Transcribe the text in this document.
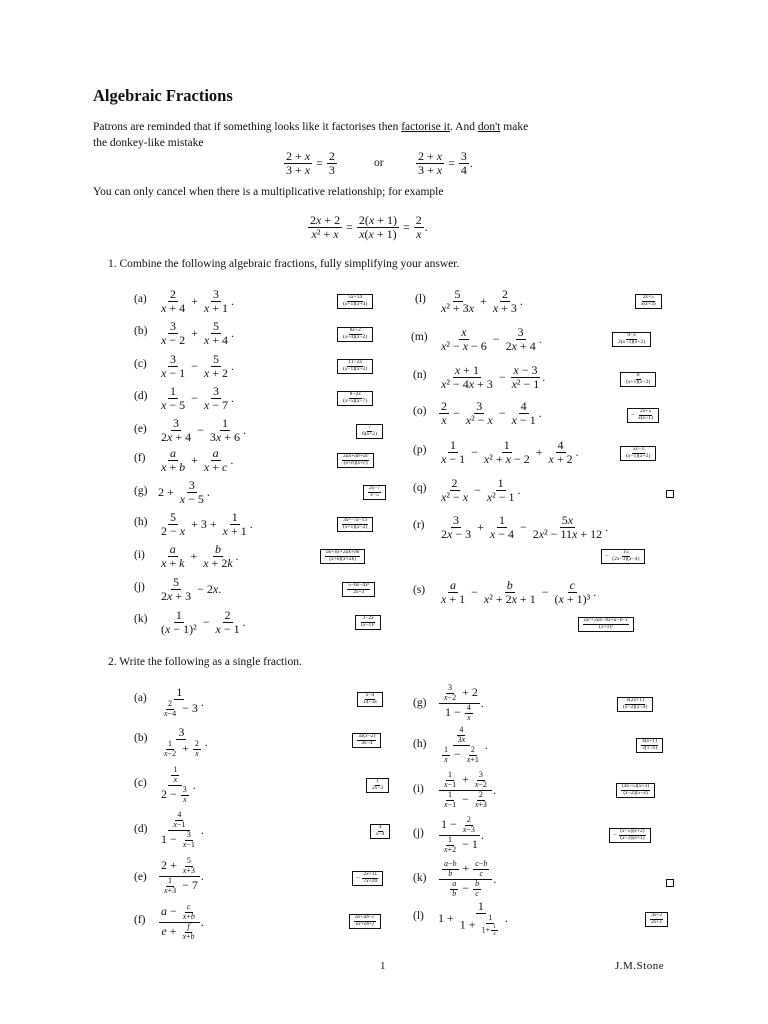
Algebraic Fractions
Patrons are reminded that if something looks like it factorises then factorise it. And don't make
the donkey-like mistake
2 + x
3 + x =
2
3	or
2 + x
3 + x =
3
4 .
You can only cancel when there is a multiplicative relationship; for example
2x + 2
x² + x =
2(x + 1)
x(x + 1) =
2
x .
1. Combine the following algebraic fractions, fully simplifying your answer.
(a) 2
x + 4 +
3
x + 1 .	5x+14
(x+1)(x+4)
(b) 3
x − 2 +
5
x + 4 .	8x+2
(x+4)(x−2)
(c) 3
x − 1 −
5
x + 2 .	11−2x
(x−1)(x+2)
(d) 1
x − 5 −
3
x − 7 .	8−2x
(x−5)(x−7)
(e) 3
2x + 4 −
1
3x + 6 .	7
6(x+2)
(f) a
x + b +
a
x + c .	2ax+ab+ac
(x+b)(x+c)
(g) 2 +
3
x − 5 .	2x−7
x−5
(h) 5
2 − x + 3 +
1
x + 1 .	3x²−7x−13
(x+1)(x−2)
(i) a
x + k +
b
x + 2k .	ax+bx+2ak+bk
(x+k)(x+2k)
(j) 5
2x + 3 − 2 x .	5−6x−4x²
2x+3
(k) 1
(x − 1)² −
2
x − 1 .	3−2x
(x−1)²
(l) 5
x² + 3x +
2
x + 3 .	2x+5
x(x+3)
(m)	x
x² − x − 6 −
3
2x + 4 .	9−x
2(x−3)(x+2)
(n) x + 1
x² − 4x + 3 −
x − 3
x² − 1 .	8
(x+1)(x−3)
(o) 2
x −
3
x² − x −
4
x − 1 .	−
2x+5
x(x−1)
(p) 1
x − 1 −
1
x² + x − 2 +
4
x + 2 .	5x−3
(x−1)(x+2)
(q) 2
x² − x −
1
x² − 1 .
(r) 3
2x − 3 +
1
x − 4 −
5x
2x² − 11x + 12 .
−
15
(2x−3)(x−4)
(s) a
x + 1 −
b
x² + 2x + 1 −
c
(x + 1)³ .
ax²+2ax−bx+a−b−c
(x+1)³
2. Write the following as a single fraction.
(a) 1
$\frac{2}{x-4} - 3$ .	x−4
14−3x
(b)	3
$\frac{1}{x-2} + \frac{2}{x}$ .	3x(x−2)
3x−4
(c)	$\frac{1}{x}$
$2 - \frac{3}{x}$
.	1
2x−3
(d)	$\frac{4}{x-1}$
$1 - \frac{3}{x-1}$
.	4
x−4
(e)
$2 + \frac{5}{x+3}$
$\frac{1}{x+3} - 7$
.	−
2x+11
7x+20
(f)
$a - \frac{c}{x+b}$
$e + \frac{f}{x+b}$
.	ax+ab−c
ex+eb+f
$(g) \frac{3}{x-2} + 2$
$1 - \frac{4}{x}$
.	x(2x+1)
(x−2)(x−4)
(h)	$\frac{4}{3x}$
$\frac{1}{x} - \frac{2}{x+1}$
.	4(x+1)
3(1−x)
$(i) \frac{1}{x-1} + \frac{3}{x-2}$
$\frac{1}{x-1} - \frac{2}{x+3}$
.	(4x−5)(x+3)
(x−2)(5−x)
(j)
$1 - \frac{2}{x-3}$
$\frac{1}{x+2} - 1$
.	−
(x−5)(x+2)
(x−3)(x+1)
$(k) \frac{a-b}{b} + \frac{c-b}{c}$
$\frac{a}{b} - \frac{b}{c}$
.
(l) 1 +
1
$1 + \frac{1}{1+ \frac{1}{x}}$ .	3x+2
2x+1
1	J.M.Stone
